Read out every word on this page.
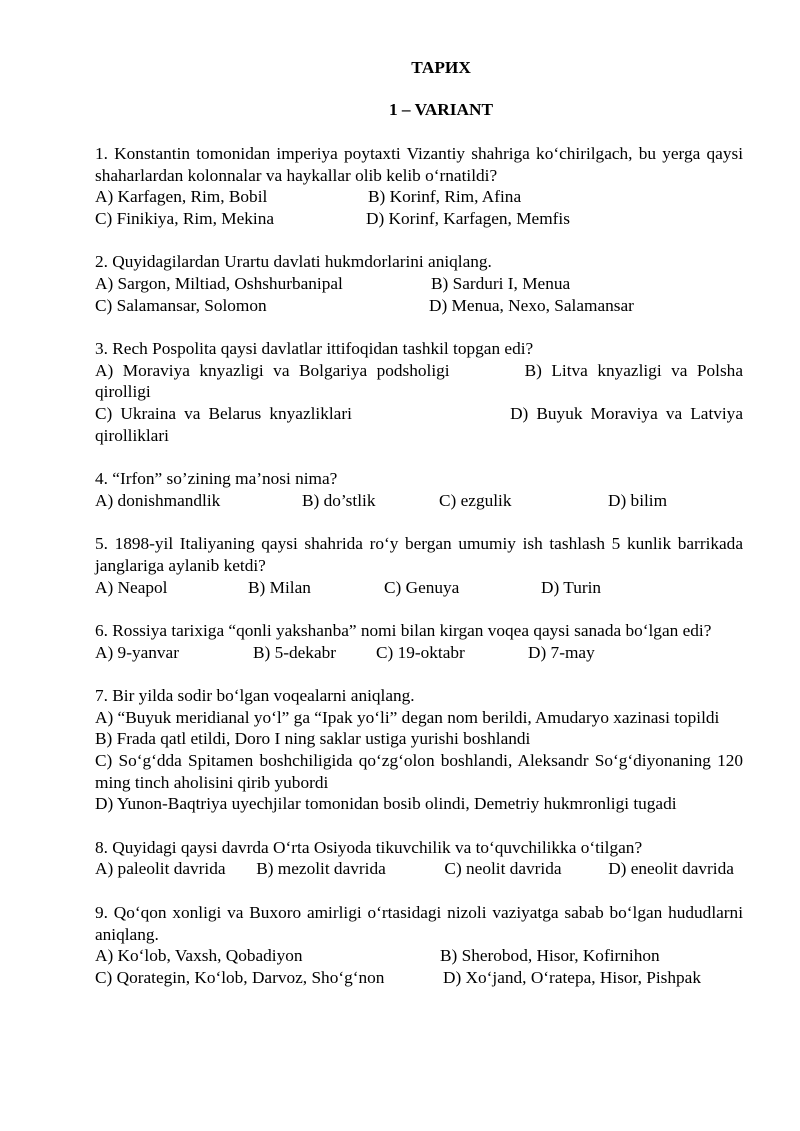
ТАРИХ
1 – VARIANT
1. Konstantin tomonidan imperiya poytaxti Vizantiy shahriga ko‘chirilgach, bu yerga qaysi shaharlardan kolonnalar va haykallar olib kelib o‘rnatildi?
A) Karfagen, Rim, Bobil	B) Korinf, Rim, Afina
C) Finikiya, Rim, Mekina	D) Korinf, Karfagen, Memfis
2. Quyidagilardan Urartu davlati hukmdorlarini aniqlang.
A) Sargon, Miltiad, Oshshurbanipal	B) Sarduri I, Menua
C) Salamansar, Solomon	D) Menua, Nexo, Salamansar
3. Rech Pospolita qaysi davlatlar ittifoqidan tashkil topgan edi?
A) Moraviya knyazligi va Bolgariya podsholigi	B) Litva knyazligi va Polsha qirolligi
C) Ukraina va Belarus knyazliklari	D) Buyuk Moraviya va Latviya qirolliklari
4. “Irfon” so’zining ma’nosi nima?
A) donishmandlik	B) do’stlik	C) ezgulik	D) bilim
5. 1898-yil Italiyaning qaysi shahrida ro‘y bergan umumiy ish tashlash 5 kunlik barrikada janglariga aylanib ketdi?
A) Neapol	B) Milan	C) Genuya	D) Turin
6. Rossiya tarixiga “qonli yakshanba” nomi bilan kirgan voqea qaysi sanada bo‘lgan edi?
A) 9-yanvar	B) 5-dekabr C) 19-oktabr	D) 7-may
7. Bir yilda sodir bo‘lgan voqealarni aniqlang.
A) “Buyuk meridianal yo‘l” ga “Ipak yo‘li” degan nom berildi, Amudaryo xazinasi topildi
B) Frada qatl etildi, Doro I ning saklar ustiga yurishi boshlandi
C) So‘g‘dda Spitamen boshchiligida qo‘zg‘olon boshlandi, Aleksandr So‘g‘diyonaning 120 ming tinch aholisini qirib yubordi
D) Yunon-Baqtriya uyechjilar tomonidan bosib olindi, Demetriy hukmronligi tugadi
8. Quyidagi qaysi davrda O‘rta Osiyoda tikuvchilik va to‘quvchilikka o‘tilgan?
A) paleolit davrida B) mezolit davrida	C) neolit davrida	D) eneolit davrida
9. Qo‘qon xonligi va Buxoro amirligi o‘rtasidagi nizoli vaziyatga sabab bo‘lgan hududlarni aniqlang.
A) Ko‘lob, Vaxsh, Qobadiyon	B) Sherobod, Hisor, Kofirnihon
C) Qorategin, Ko‘lob, Darvoz, Sho‘g‘non	D) Xo‘jand, O‘ratepa, Hisor, Pishpak
